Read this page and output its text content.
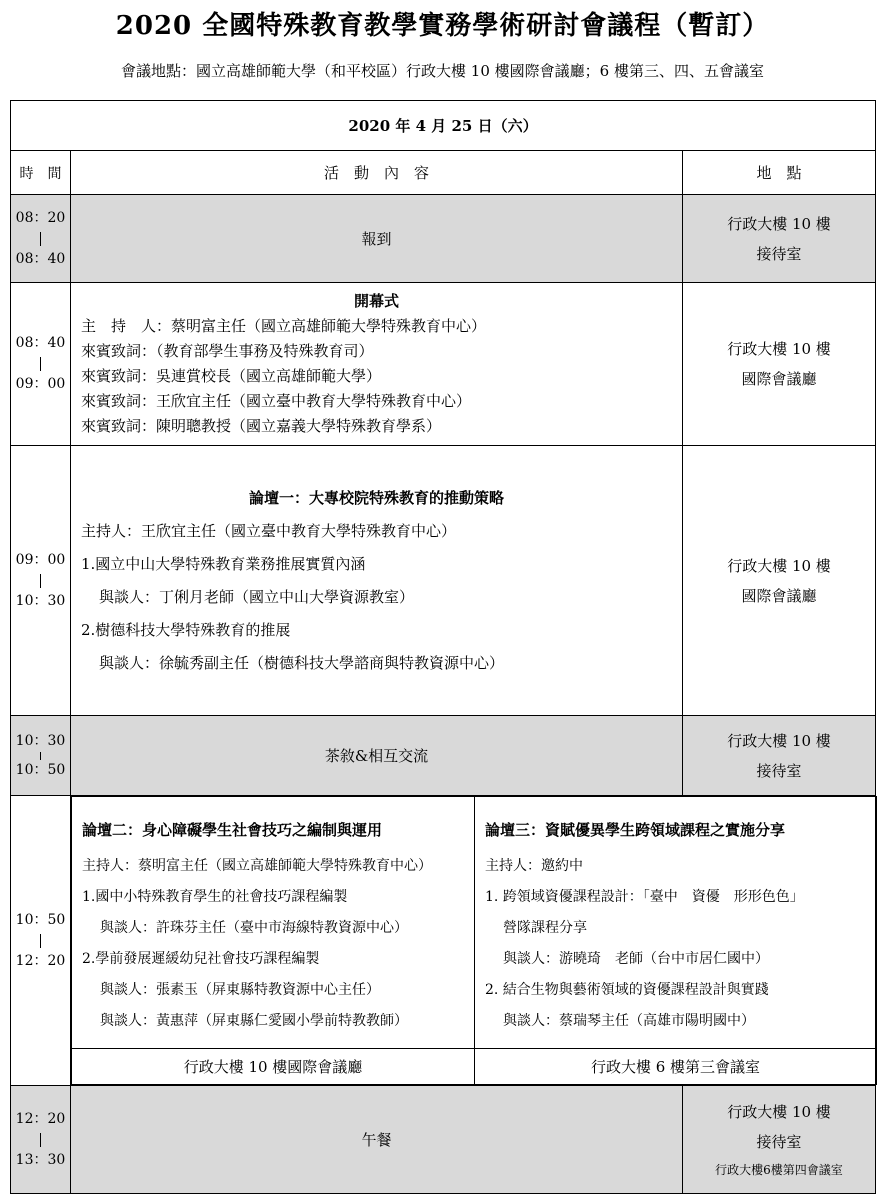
2020 全國特殊教育教學實務學術研討會議程（暫訂）
會議地點：國立高雄師範大學（和平校區）行政大樓 10 樓國際會議廳；6 樓第三、四、五會議室
2020 年 4 月 25 日（六）
時　間	活　動　內　容	地　點

08：20
08：40
	報到	
行政大樓 10 樓
接待室

08：40
09：00

開幕式
主　持　人：蔡明富主任（國立高雄師範大學特殊教育中心）
來賓致詞：（教育部學生事務及特殊教育司）
來賓致詞：吳連賞校長（國立高雄師範大學）
來賓致詞：王欣宜主任（國立臺中教育大學特殊教育中心）
來賓致詞：陳明聰教授（國立嘉義大學特殊教育學系）

行政大樓 10 樓
國際會議廳

09：00
10：30

論壇一：大專校院特殊教育的推動策略
主持人：王欣宜主任（國立臺中教育大學特殊教育中心）
1.國立中山大學特殊教育業務推展實質內涵
與談人：丁俐月老師（國立中山大學資源教室）
2.樹德科技大學特殊教育的推展
與談人：徐毓秀副主任（樹德科技大學諮商與特教資源中心）

行政大樓 10 樓
國際會議廳

10：30
10：50
	茶敘&相互交流	
行政大樓 10 樓
接待室

10：50
12：20

論壇二：身心障礙學生社會技巧之編制與運用
主持人：蔡明富主任（國立高雄師範大學特殊教育中心）
1.國中小特殊教育學生的社會技巧課程編製
與談人：許珠芬主任（臺中市海線特教資源中心）
2.學前發展遲緩幼兒社會技巧課程編製
與談人：張素玉（屏東縣特教資源中心主任）
與談人：黃惠萍（屏東縣仁愛國小學前特教教師）

論壇三：資賦優異學生跨領域課程之實施分享
主持人：邀約中
1. 跨領域資優課程設計：「臺中　資優　形形色色」
營隊課程分享
與談人：游曉琦　老師（台中市居仁國中）
2. 結合生物與藝術領域的資優課程設計與實踐
與談人：蔡瑞琴主任（高雄市陽明國中）

行政大樓 10 樓國際會議廳	行政大樓 6 樓第三會議室

12：20
13：30
	午餐	
行政大樓 10 樓
接待室
行政大樓6樓第四會議室
